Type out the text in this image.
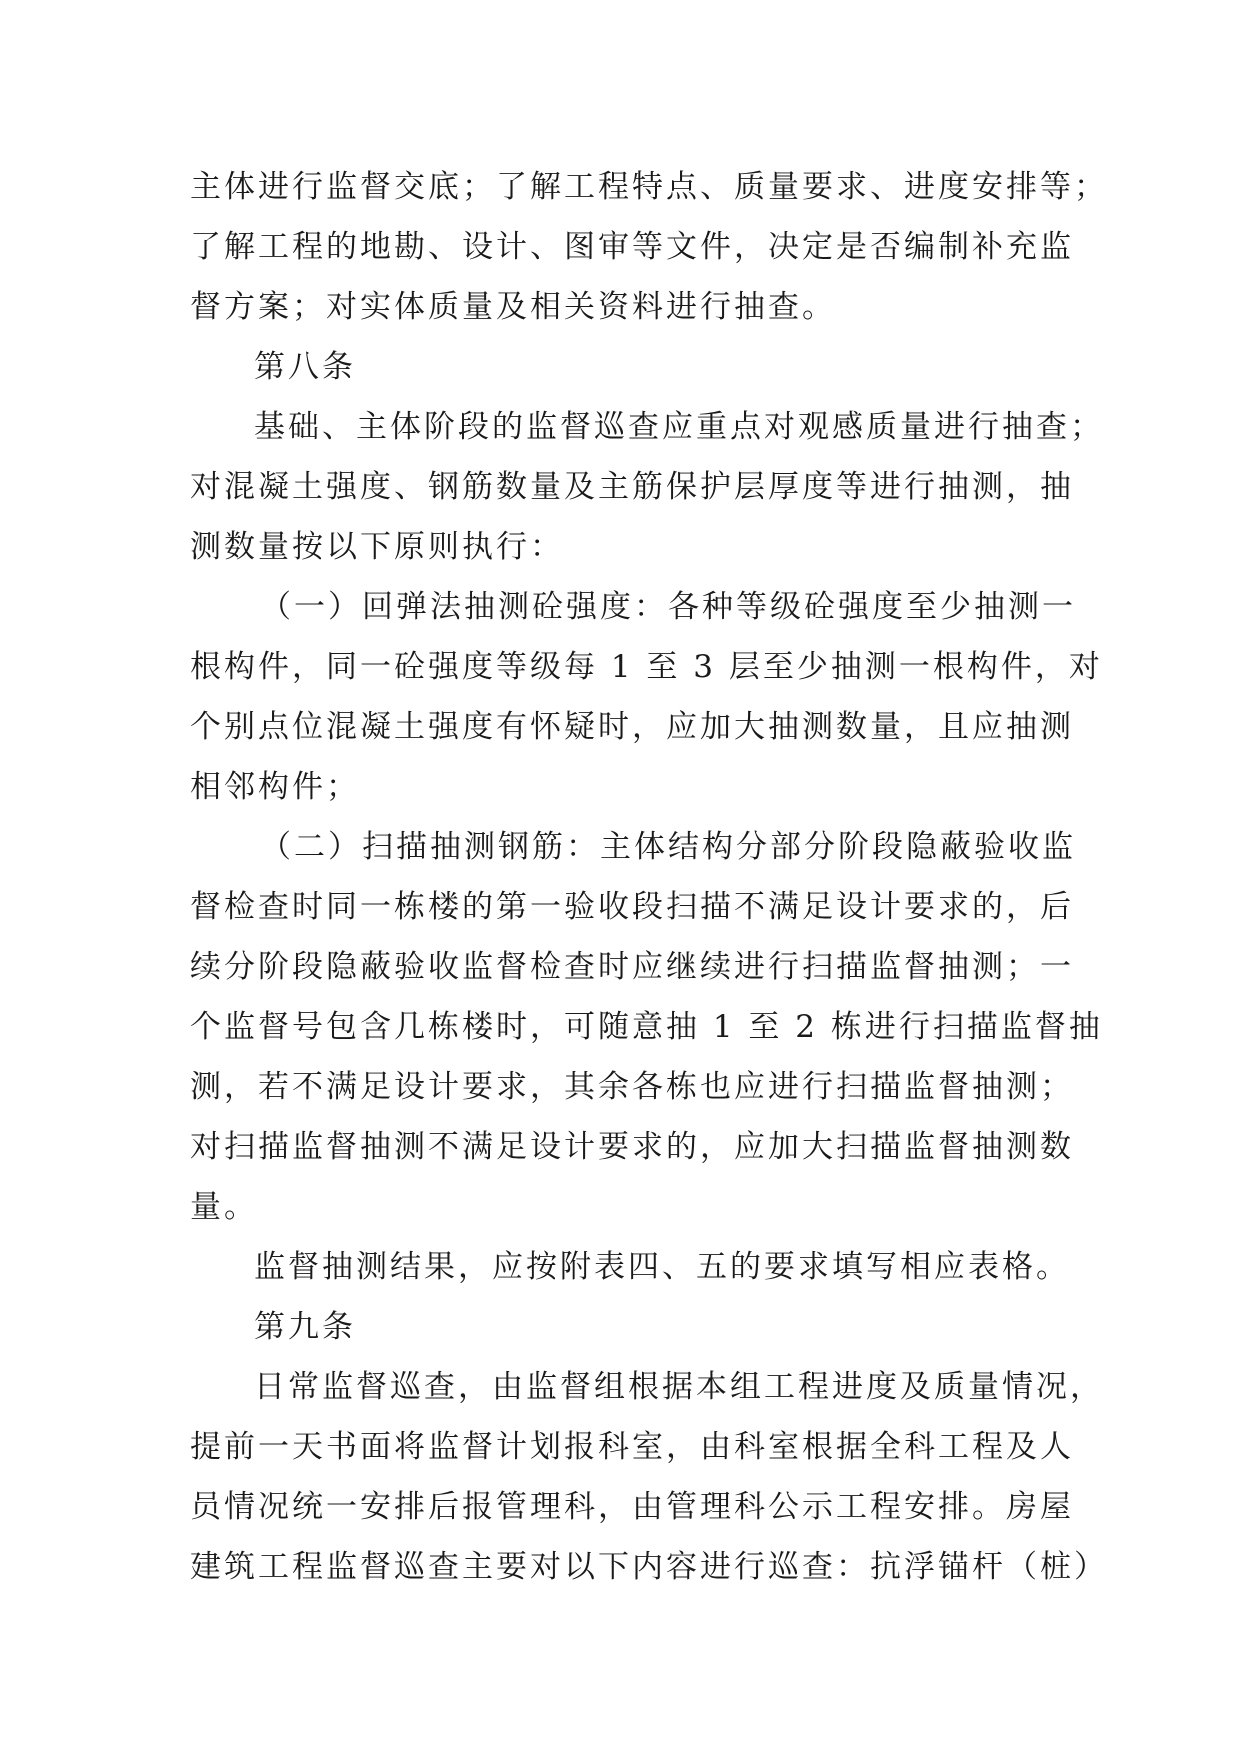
主体进行监督交底；了解工程特点、质量要求、进度安排等；
了解工程的地勘、设计、图审等文件，决定是否编制补充监
督方案；对实体质量及相关资料进行抽查。
第八条
基础、主体阶段的监督巡查应重点对观感质量进行抽查；
对混凝土强度、钢筋数量及主筋保护层厚度等进行抽测，抽
测数量按以下原则执行：
（一）回弹法抽测砼强度：各种等级砼强度至少抽测一
根构件，同一砼强度等级每 1 至 3 层至少抽测一根构件，对
个别点位混凝土强度有怀疑时，应加大抽测数量，且应抽测
相邻构件；
（二）扫描抽测钢筋：主体结构分部分阶段隐蔽验收监
督检查时同一栋楼的第一验收段扫描不满足设计要求的，后
续分阶段隐蔽验收监督检查时应继续进行扫描监督抽测；一
个监督号包含几栋楼时，可随意抽 1 至 2 栋进行扫描监督抽
测，若不满足设计要求，其余各栋也应进行扫描监督抽测；
对扫描监督抽测不满足设计要求的，应加大扫描监督抽测数
量。
监督抽测结果，应按附表四、五的要求填写相应表格。
第九条
日常监督巡查，由监督组根据本组工程进度及质量情况，
提前一天书面将监督计划报科室，由科室根据全科工程及人
员情况统一安排后报管理科，由管理科公示工程安排。房屋
建筑工程监督巡查主要对以下内容进行巡查：抗浮锚杆（桩）
